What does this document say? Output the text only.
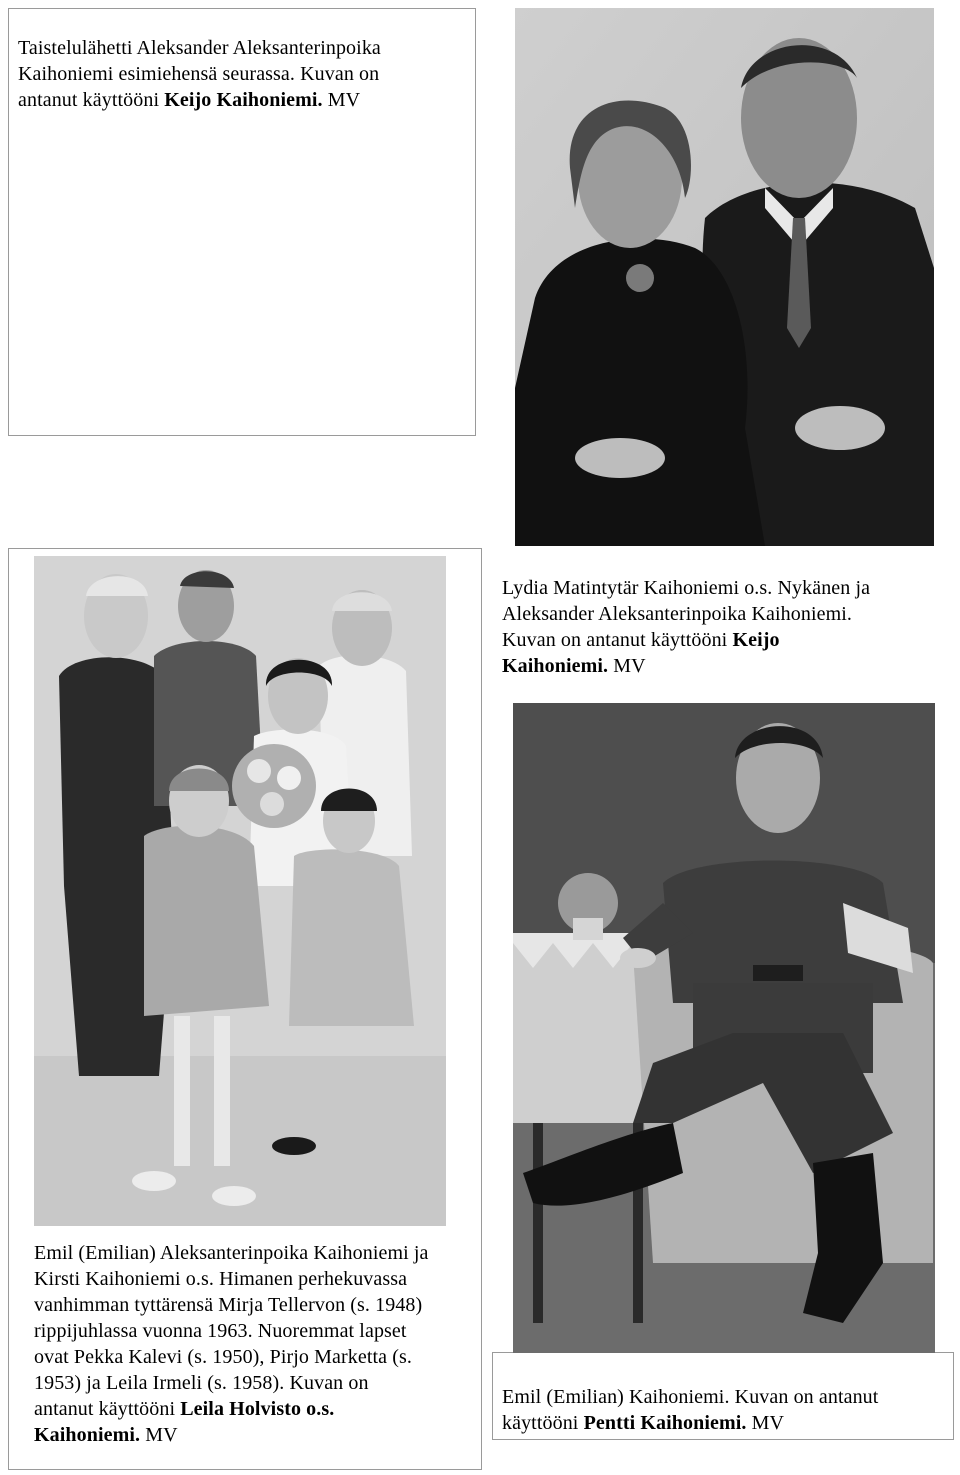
Taistelulähetti Aleksander Aleksanterinpoika
Kaihoniemi esimiehensä seurassa. Kuvan on
antanut käyttööni Keijo Kaihoniemi. MV
Emil (Emilian) Aleksanterinpoika Kaihoniemi ja
Kirsti Kaihoniemi o.s. Himanen perhekuvassa
vanhimman tyttärensä Mirja Tellervon (s. 1948)
rippijuhlassa vuonna 1963. Nuoremmat lapset
ovat Pekka Kalevi (s. 1950), Pirjo Marketta (s.
1953) ja Leila Irmeli (s. 1958). Kuvan on
antanut käyttööni Leila Holvisto o.s.
Kaihoniemi. MV
Lydia Matintytär Kaihoniemi o.s. Nykänen ja
Aleksander Aleksanterinpoika Kaihoniemi.
Kuvan on antanut käyttööni Keijo
Kaihoniemi. MV
Emil (Emilian) Kaihoniemi. Kuvan on antanut
käyttööni Pentti Kaihoniemi. MV
